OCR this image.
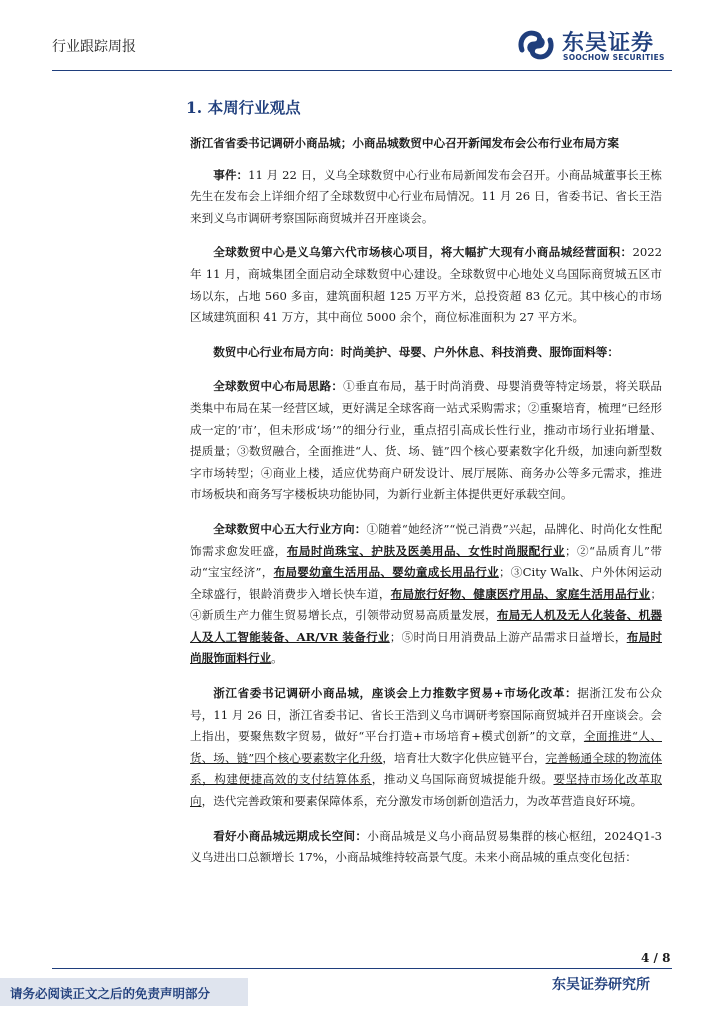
行业跟踪周报	东吴证券
SOOCHOW SECURITIES
1. 本周行业观点

浙江省省委书记调研小商品城；小商品城数贸中心召开新闻发布会公布行业布局方案

事件：11 月 22 日，义乌全球数贸中心行业布局新闻发布会召开。小商品城董事长王栋先生在发布会上详细介绍了全球数贸中心行业布局情况。11 月 26 日，省委书记、省长王浩来到义乌市调研考察国际商贸城并召开座谈会。

全球数贸中心是义乌第六代市场核心项目，将大幅扩大现有小商品城经营面积：2022 年 11 月，商城集团全面启动全球数贸中心建设。全球数贸中心地处义乌国际商贸城五区市场以东，占地 560 多亩，建筑面积超 125 万平方米，总投资超 83 亿元。其中核心的市场区域建筑面积 41 万方，其中商位 5000 余个，商位标准面积为 27 平方米。

数贸中心行业布局方向：时尚美护、母婴、户外休息、科技消费、服饰面料等：

全球数贸中心布局思路：①垂直布局，基于时尚消费、母婴消费等特定场景，将关联品类集中布局在某一经营区域，更好满足全球客商一站式采购需求；②重聚培育，梳理“已经形成一定的‘市’，但未形成‘场’”的细分行业，重点招引高成长性行业，推动市场行业拓增量、提质量；③数贸融合，全面推进“人、货、场、链”四个核心要素数字化升级，加速向新型数字市场转型；④商业上楼，适应优势商户研发设计、展厅展陈、商务办公等多元需求，推进市场板块和商务写字楼板块功能协同，为新行业新主体提供更好承载空间。

全球数贸中心五大行业方向：①随着“她经济”“悦己消费”兴起，品牌化、时尚化女性配饰需求愈发旺盛，布局时尚珠宝、护肤及医美用品、女性时尚服配行业；②“品质育儿”带动“宝宝经济”，布局婴幼童生活用品、婴幼童成长用品行业；③City Walk、户外休闲运动全球盛行，银龄消费步入增长快车道，布局旅行好物、健康医疗用品、家庭生活用品行业；④新质生产力催生贸易增长点，引领带动贸易高质量发展，布局无人机及无人化装备、机器人及人工智能装备、AR/VR 装备行业；⑤时尚日用消费品上游产品需求日益增长，布局时尚服饰面料行业。

浙江省委书记调研小商品城，座谈会上力推数字贸易+市场化改革：据浙江发布公众号，11 月 26 日，浙江省委书记、省长王浩到义乌市调研考察国际商贸城并召开座谈会。会上指出，要聚焦数字贸易，做好“平台打造+市场培育+模式创新”的文章，全面推进“人、货、场、链”四个核心要素数字化升级，培育壮大数字化供应链平台，完善畅通全球的物流体系，构建便捷高效的支付结算体系，推动义乌国际商贸城提能升级。要坚持市场化改革取向，迭代完善政策和要素保障体系，充分激发市场创新创造活力，为改革营造良好环境。

看好小商品城远期成长空间：小商品城是义乌小商品贸易集群的核心枢纽，2024Q1-3 义乌进出口总额增长 17%，小商品城维持较高景气度。未来小商品城的重点变化包括：

4 / 8
请务必阅读正文之后的免责声明部分
东吴证券研究所
